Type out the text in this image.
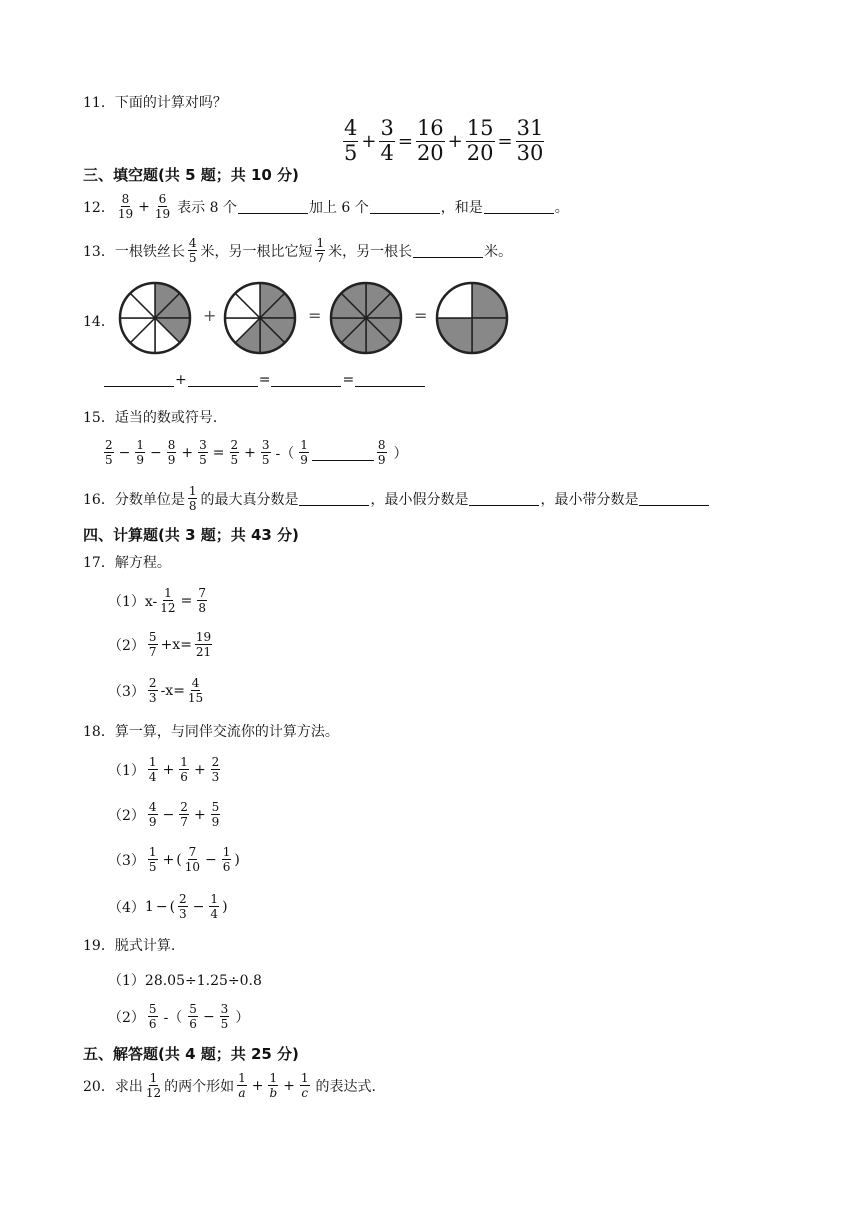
11．下面的计算对吗？
$\frac{4}{5} + \frac{3}{4} = \frac{16}{20} + \frac{15}{20} = \frac{31}{30}$
三、填空题(共 5 题；共 10 分)
12． $\frac{8}{19} + \frac{6}{19}$ 表示 8 个	加上 6 个	，和是	。
13． 一根铁丝长 $\frac{4}{5}$ 米，另一根比它短 $\frac{1}{7}$ 米，另一根长	米。
14．	+	=	=
+	=	=
15．适当的数或符号．
$\frac{2}{5} - \frac{1}{9} - \frac{8}{9} + \frac{3}{5} = \frac{2}{5} + \frac{3}{5}$ -（ $\frac{1}{9}$	$\frac{8}{9}$ ）
16．分数单位是 $\frac{1}{8}$ 的最大真分数是	，最小假分数是	，最小带分数是
四、计算题(共 3 题；共 43 分)
17．解方程。
$(1)x- \frac{1}{12} = \frac{7}{8}$
$(2) \frac{5}{7} +x= \frac{19}{21}$
$(3) \frac{2}{3} -x= \frac{4}{15}$
18．算一算，与同伴交流你的计算方法。
$(1) \frac{1}{4} + \frac{1}{6} + \frac{2}{3}$
$(2) \frac{4}{9} - \frac{2}{7} + \frac{5}{9}$
$(3) \frac{1}{5}$ + ( $\frac{7}{10} - \frac{1}{6}$ )
（4） 1 − ( $\frac{2}{3} - \frac{1}{4}$ )
19．脱式计算.
（1）28.05÷1.25÷0.8
$(2) \frac{5}{6}$ -（ $\frac{5}{6} - \frac{3}{5}$ ）
五、解答题(共 4 题；共 25 分)
20．求出 $\frac{1}{12}$ 的两个形如 $\frac{1}{a} + \frac{1}{b} + \frac{1}{c}$ 的表达式.
